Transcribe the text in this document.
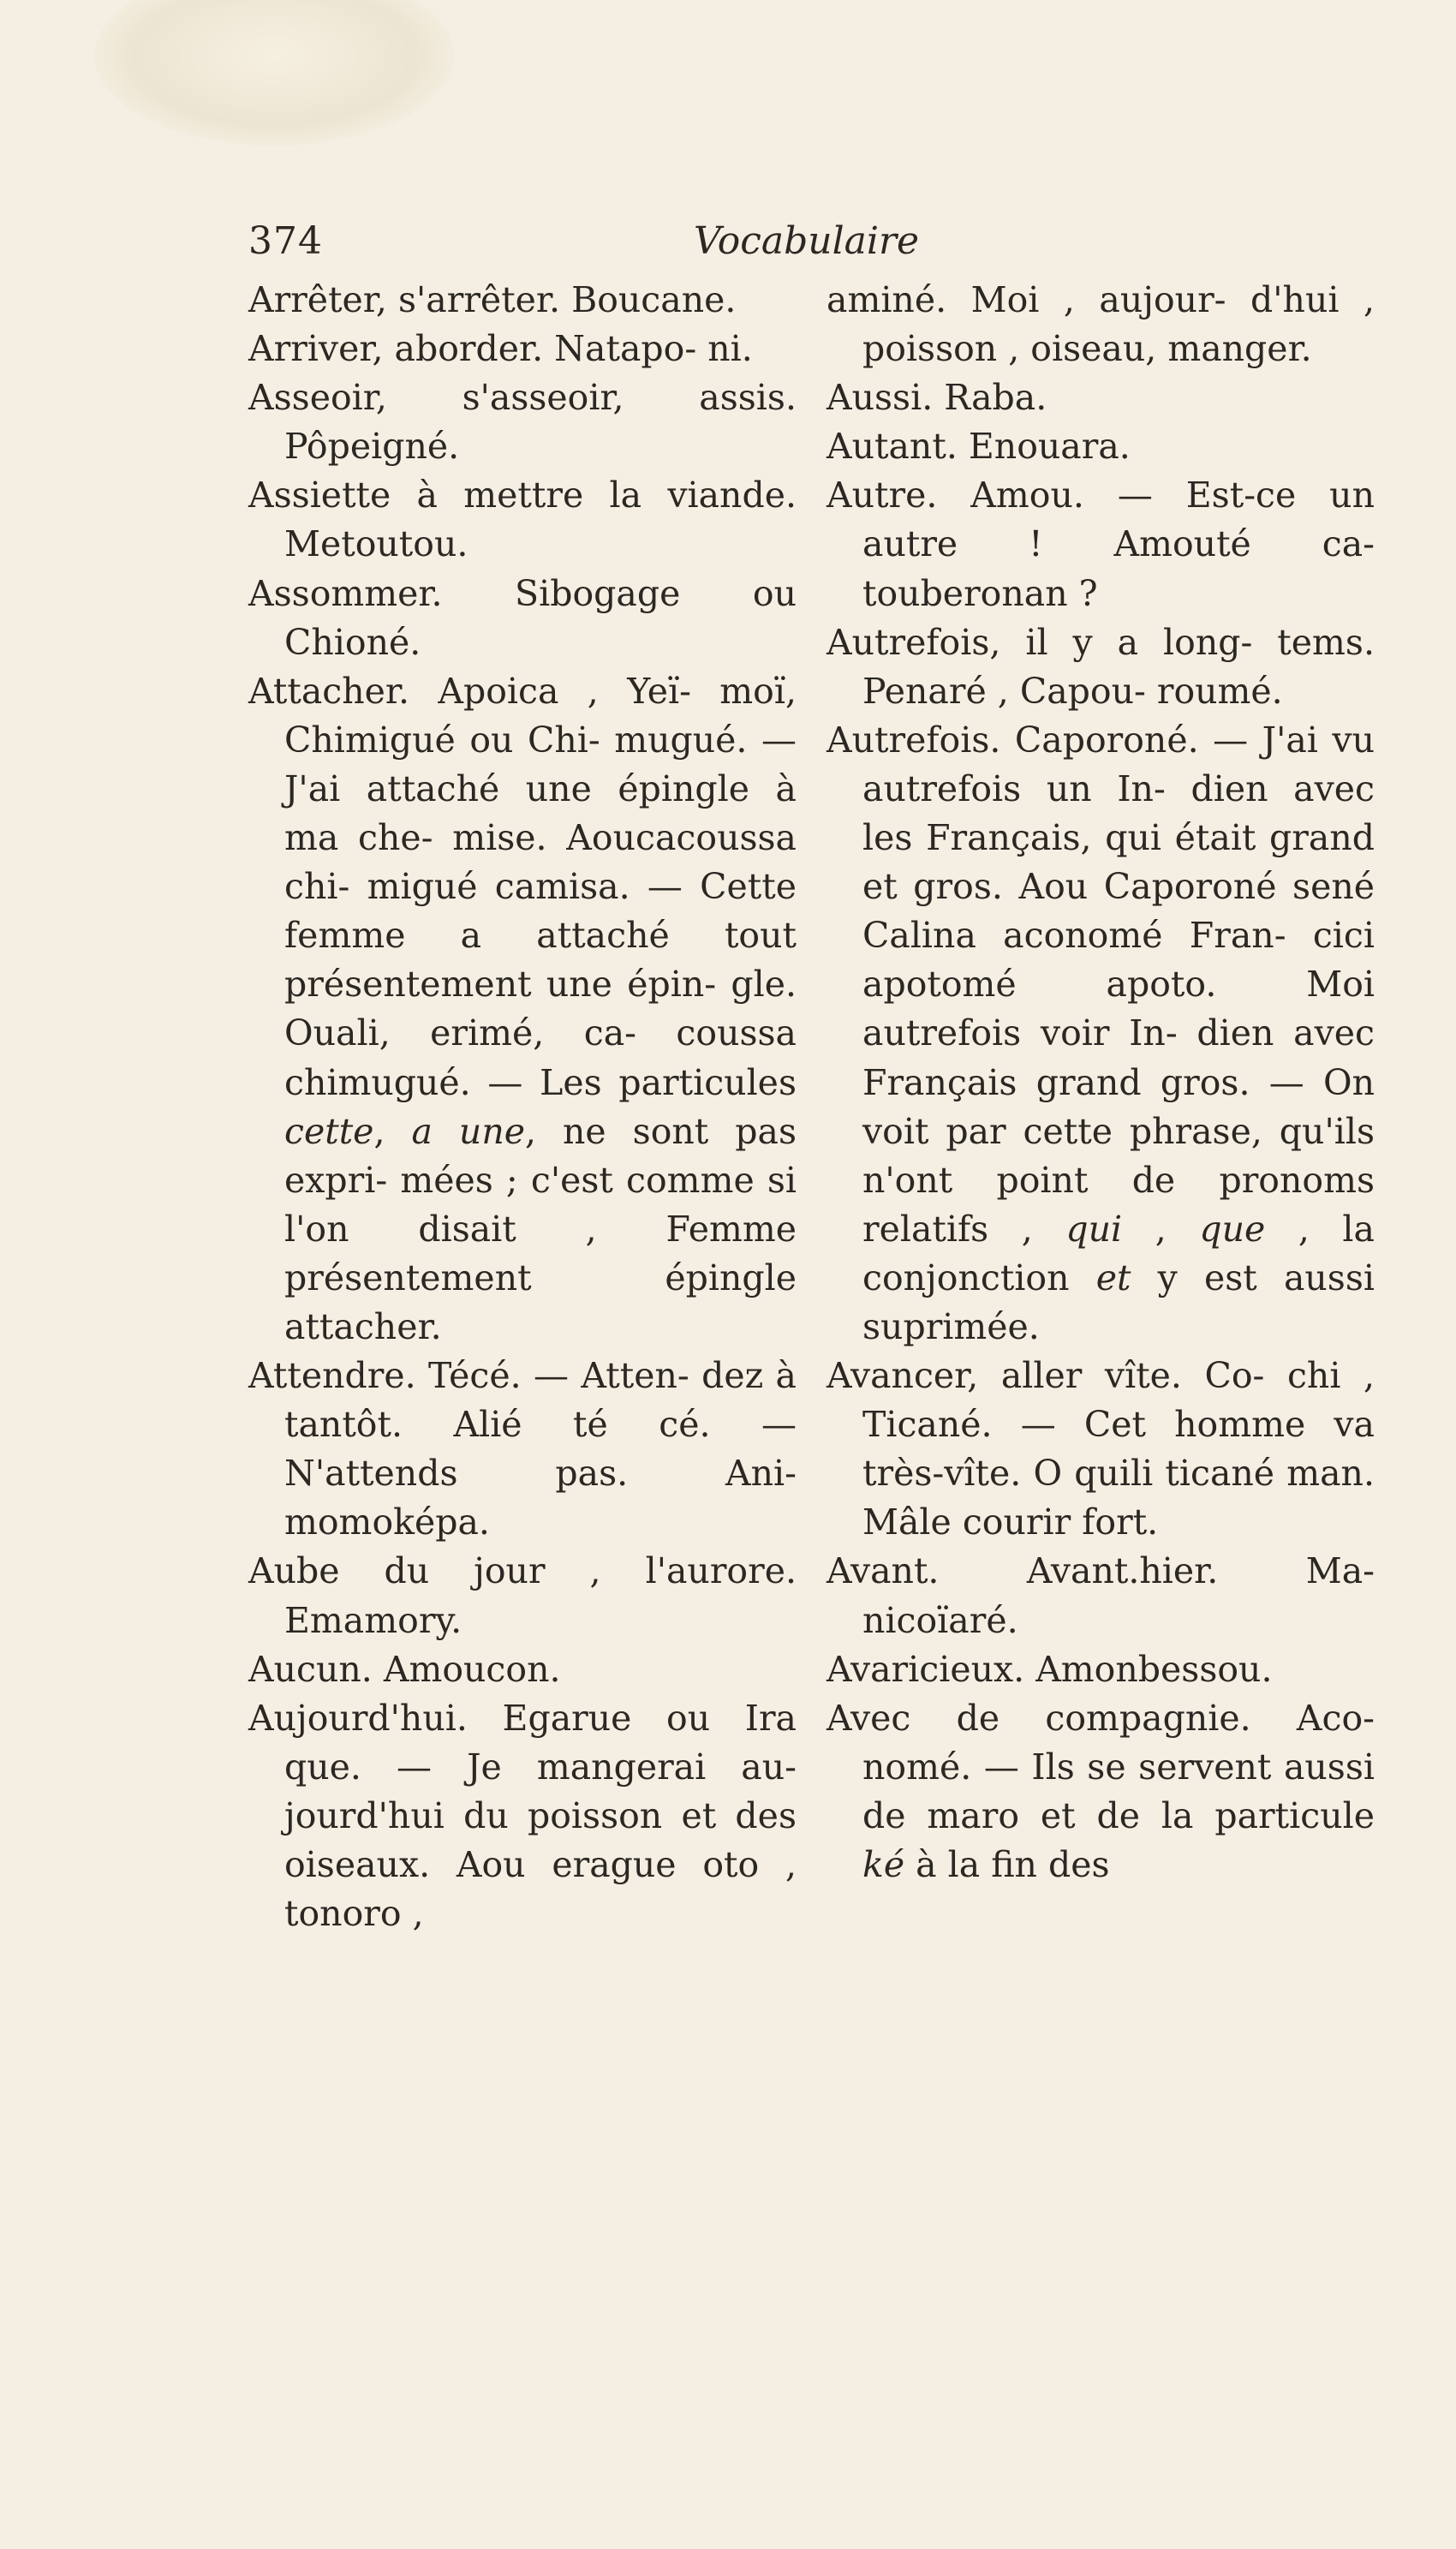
374	Vocabulaire
Arrêter, s'arrêter. Boucane.
Arriver, aborder. Natapo- ni.
Asseoir, s'asseoir, assis. Pôpeigné.
Assiette à mettre la viande. Metoutou.
Assommer. Sibogage ou Chioné.
Attacher. Apoica , Yeï- moï, Chimigué ou Chi- mugué. — J'ai attaché une épingle à ma che- mise. Aoucacoussa chi- migué camisa. — Cette femme a attaché tout présentement une épin- gle. Ouali, erimé, ca- coussa chimugué. — Les particules cette, a une, ne sont pas expri- mées ; c'est comme si l'on disait , Femme présentement épingle attacher.
Attendre. Técé. — Atten- dez à tantôt. Alié té cé. — N'attends pas. Ani- momoképa.
Aube du jour , l'aurore. Emamory.
Aucun. Amoucon.
Aujourd'hui. Egarue ou Ira que. — Je mangerai au- jourd'hui du poisson et des oiseaux. Aou erague oto , tonoro ,
aminé. Moi , aujour- d'hui , poisson , oiseau, manger.
Aussi. Raba.
Autant. Enouara.
Autre. Amou. — Est-ce un autre ! Amouté ca- touberonan ?
Autrefois, il y a long- tems. Penaré , Capou- roumé.
Autrefois. Caporoné. — J'ai vu autrefois un In- dien avec les Français, qui était grand et gros. Aou Caporoné sené Calina aconomé Fran- cici apotomé apoto. Moi autrefois voir In- dien avec Français grand gros. — On voit par cette phrase, qu'ils n'ont point de pronoms relatifs , qui , que , la conjonction et y est aussi suprimée.
Avancer, aller vîte. Co- chi , Ticané. — Cet homme va très-vîte. O quili ticané man. Mâle courir fort.
Avant. Avant.hier. Ma- nicoïaré.
Avaricieux. Amonbessou.
Avec de compagnie. Aco- nomé. — Ils se servent aussi de maro et de la particule ké à la fin des
